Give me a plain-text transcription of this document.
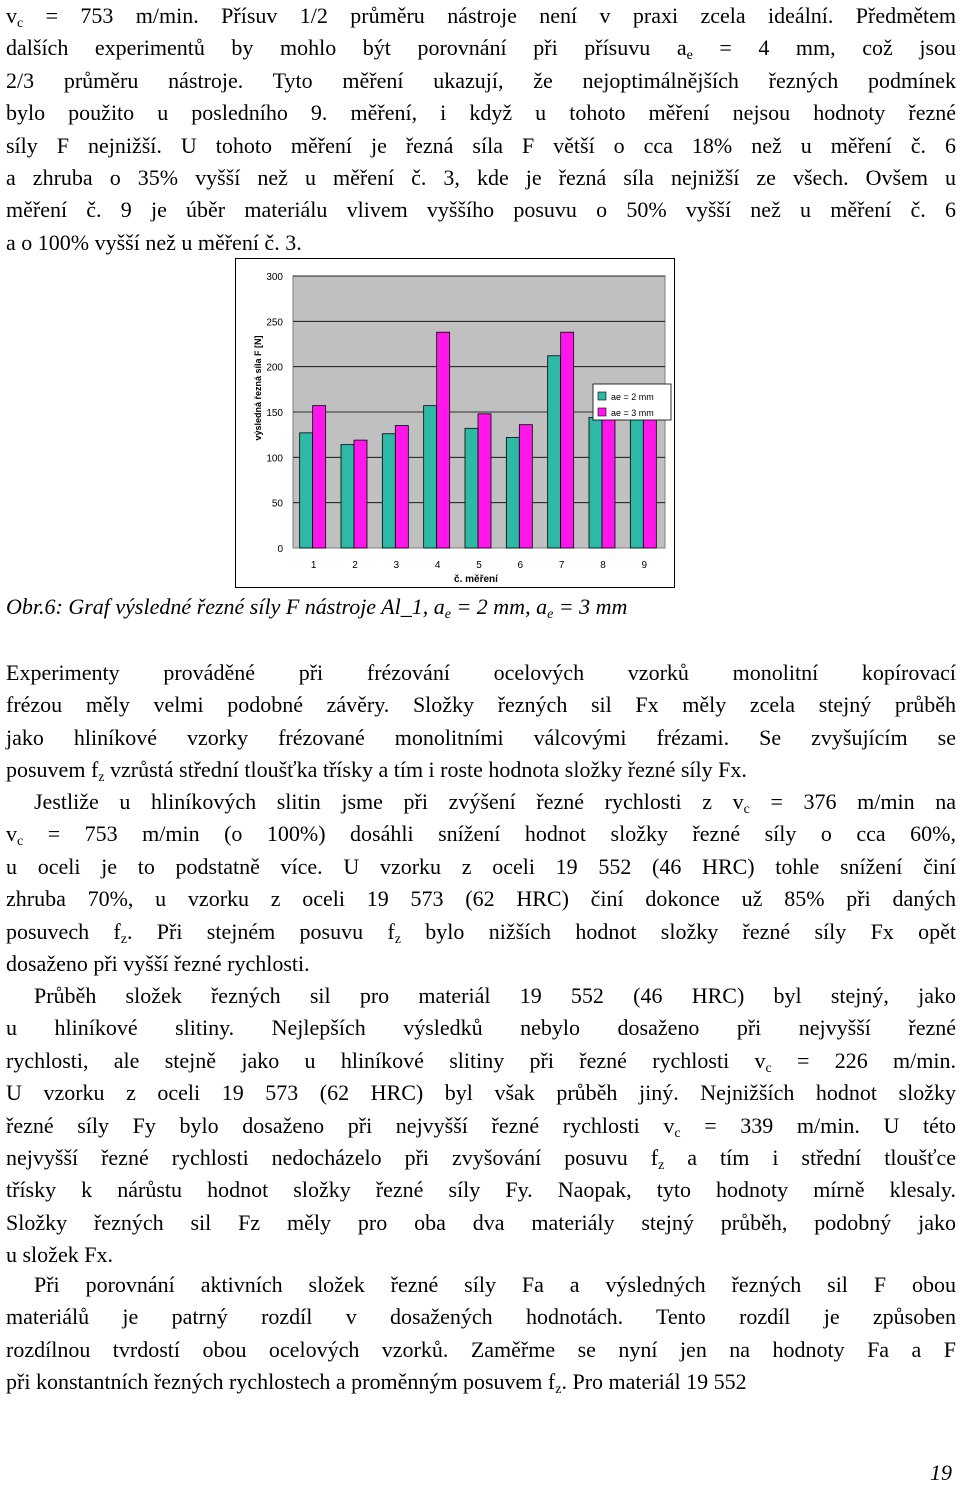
$v_c = 753$ m/min. Přísuv 1/2 průměru nástroje není v praxi zcela ideální. Předmětem
dalších experimentů by mohlo být porovnání při přísuvu $a_e = 4$ mm, což jsou
2/3 průměru nástroje. Tyto měření ukazují, že nejoptimálnějších řezných podmínek
bylo použito u posledního 9. měření, i když u tohoto měření nejsou hodnoty řezné
síly F nejnižší. U tohoto měření je řezná síla F větší o cca 18% než u měření č. 6
a zhruba o 35% vyšší než u měření č. 3, kde je řezná síla nejnižší ze všech. Ovšem u
měření č. 9 je úběr materiálu vlivem vyššího posuvu o 50% vyšší než u měření č. 6
a o 100% vyšší než u měření č. 3.
0
50
100
150
200
250
300
1	2	3	4	5	6	7	8	9
č. měření
výsledná řezná síla F [N]	ae = 2 mm
ae = 3 mm
Obr.6: Graf výsledné řezné síly F nástroje Al_1, $a_e = 2$ mm, $a_e = 3$ mm
Experimenty prováděné při frézování ocelových vzorků monolitní kopírovací
frézou měly velmi podobné závěry. Složky řezných sil Fx měly zcela stejný průběh
jako hliníkové vzorky frézované monolitními válcovými frézami. Se zvyšujícím se
posuvem $f_z$ vzrůstá střední tloušťka třísky a tím i roste hodnota složky řezné síly Fx.
Jestliže u hliníkových slitin jsme při zvýšení řezné rychlosti z $v_c = 376$ m/min na
$v_c = 753$ m/min (o 100%) dosáhli snížení hodnot složky řezné síly o cca 60%,
u oceli je to podstatně více. U vzorku z oceli 19 552 (46 HRC) tohle snížení činí
zhruba 70%, u vzorku z oceli 19 573 (62 HRC) činí dokonce už 85% při daných
posuvech $f_z$. Při stejném posuvu $f_z$ bylo nižších hodnot složky řezné síly Fx opět
dosaženo při vyšší řezné rychlosti.
Průběh složek řezných sil pro materiál 19 552 (46 HRC) byl stejný, jako
u hliníkové slitiny. Nejlepších výsledků nebylo dosaženo při nejvyšší řezné
rychlosti, ale stejně jako u hliníkové slitiny při řezné rychlosti $v_c = 226$ m/min.
U vzorku z oceli 19 573 (62 HRC) byl však průběh jiný. Nejnižších hodnot složky
řezné síly Fy bylo dosaženo při nejvyšší řezné rychlosti $v_c = 339$ m/min. U této
nejvyšší řezné rychlosti nedocházelo při zvyšování posuvu $f_z$ a tím i střední tloušťce
třísky k nárůstu hodnot složky řezné síly Fy. Naopak, tyto hodnoty mírně klesaly.
Složky řezných sil Fz měly pro oba dva materiály stejný průběh, podobný jako
u složek Fx.
Při porovnání aktivních složek řezné síly Fa a výsledných řezných sil F obou
materiálů je patrný rozdíl v dosažených hodnotách. Tento rozdíl je způsoben
rozdílnou tvrdostí obou ocelových vzorků. Zaměřme se nyní jen na hodnoty Fa a F
při konstantních řezných rychlostech a proměnným posuvem $f_z$. Pro materiál 19 552
19
